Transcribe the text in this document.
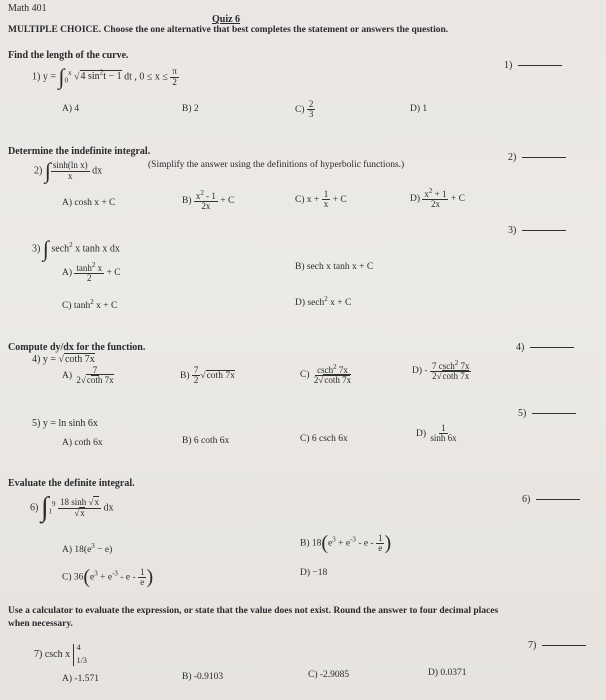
Math 401
Quiz 6
MULTIPLE CHOICE. Choose the one alternative that best completes the statement or answers the question.
Find the length of the curve.
1)
1) $y = \int_0^x$ √4 $\sin^2t - 1$ dt , $0 \le x \le \frac{\pi}{2}$
A) 4	B) 2	$C) \frac{2}{3}$	D) 1
Determine the indefinite integral.
2)
2) ∫ $\frac{\text{sinh(ln x)}}{x}$ dx
(Simplify the answer using the definitions of hyperbolic functions.)
A) cosh x + C	$B) \frac{x^2 - 1}{2x} + C$	C) $x + \frac{1}{x} + C$	$D) \frac{x^2 + 1}{2x} + C$
3)
3) ∫ sech$^2$ x tanh x dx
$A) \frac{\tanh^2 x}{2} + C$
B) sech x tanh x + C
C) $\tanh^2 x + C$	D) sech$^2$ x + C
Compute dy/dx for the function.	4)
4) y = √coth 7x
$A) \frac{7}{2√\cot h 7x}$	$B) \frac{7}{2} √\cot h$ 7x	$C) \frac{\csc h^2 7x}{2√\cot h 7x}$	$D) - \frac{7 \csc h^2 7x}{2√\cot h 7x}$
5)
5) y = ln sinh 6x
A) coth 6x	B) 6 coth 6x	C) 6 csch 6x	$D) \frac{1}{\sinh 6x}$
Evaluate the definite integral.
6)
6) $\int_1^9 \frac{18 \sinh √x}{√x}$ dx
A) $18(e^3 - e)$
B) $18(e^3 + e^{-3} - e - \frac{1}{e}$ )
C) $36(e^3 + e^{-3} - e - \frac{1}{e}$ )	D) −18
Use a calculator to evaluate the expression, or state that the value does not exist. Round the answer to four decimal places
when necessary.
7)
7) csch x
4
1/3
A) -1.571	B) -0.9103	C) -2.9085	D) 0.0371
